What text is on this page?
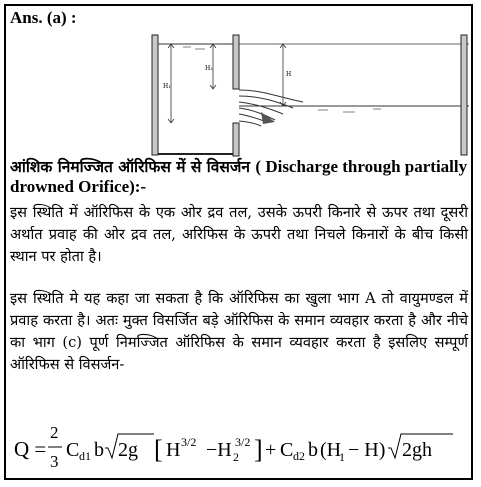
Ans. (a) :
H₁
H₂
H
आंशिक निमज्जित ऑरिफिस में से विसर्जन ( Discharge through partially drowned Orifice):-
इस स्थिति में ऑरिफिस के एक ओर द्रव तल, उसके ऊपरी किनारे से ऊपर तथा दूसरी अर्थात प्रवाह की ओर द्रव तल, अरिफिस के ऊपरी तथा निचले किनारों के बीच किसी स्थान पर होता है।
इस स्थिति मे यह कहा जा सकता है कि ऑरिफिस का खुला भाग A तो वायुमण्डल में प्रवाह करता है। अतः मुक्त विसर्जित बड़े ऑरिफिस के समान व्यवहार करता है और नीचे का भाग (c) पूर्ण निमज्जित ऑरिफिस के समान व्यवहार करता है इसलिए सम्पूर्ण ऑरिफिस से विसर्जन-
Q =
2
3
C d1 b 2g [ H 3/2 −H 2
3/2 ] + C d2 b (H
1 − H) 2gh
